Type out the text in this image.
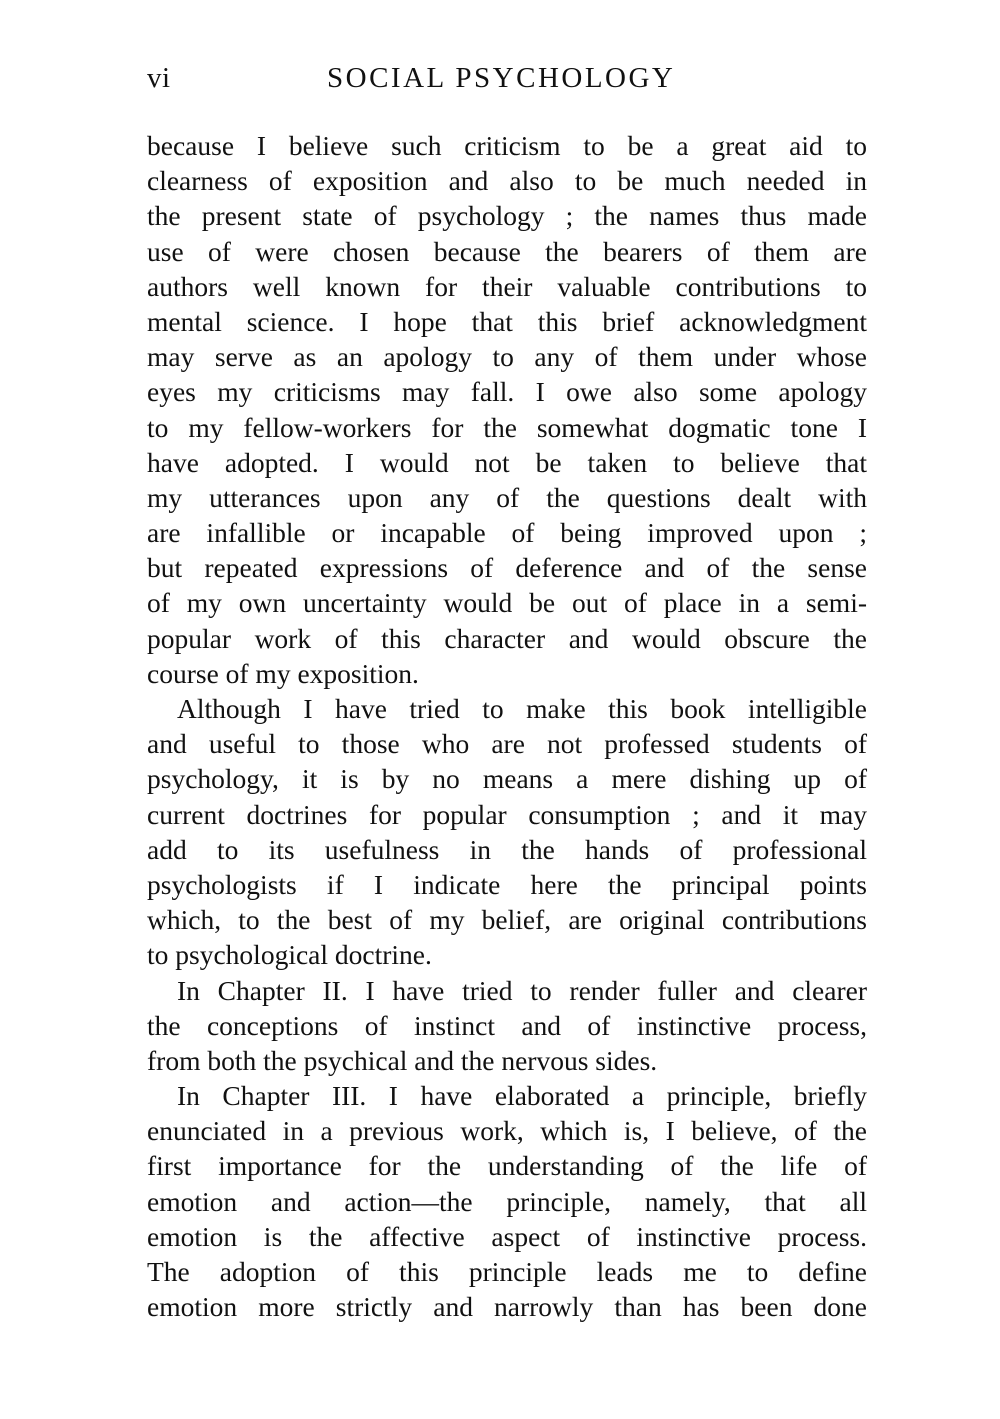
vi	SOCIAL PSYCHOLOGY
because I believe such criticism to be a great aid to
clearness of exposition and also to be much needed in
the present state of psychology ; the names thus made
use of were chosen because the bearers of them are
authors well known for their valuable contributions to
mental science. I hope that this brief acknowledgment
may serve as an apology to any of them under whose
eyes my criticisms may fall. I owe also some apology
to my fellow-workers for the somewhat dogmatic tone I
have adopted. I would not be taken to believe that
my utterances upon any of the questions dealt with
are infallible or incapable of being improved upon ;
but repeated expressions of deference and of the sense
of my own uncertainty would be out of place in a semi-
popular work of this character and would obscure the
course of my exposition.
Although I have tried to make this book intelligible
and useful to those who are not professed students of
psychology, it is by no means a mere dishing up of
current doctrines for popular consumption ; and it may
add to its usefulness in the hands of professional
psychologists if I indicate here the principal points
which, to the best of my belief, are original contributions
to psychological doctrine.
In Chapter II. I have tried to render fuller and clearer
the conceptions of instinct and of instinctive process,
from both the psychical and the nervous sides.
In Chapter III. I have elaborated a principle, briefly
enunciated in a previous work, which is, I believe, of the
first importance for the understanding of the life of
emotion and action—the principle, namely, that all
emotion is the affective aspect of instinctive process.
The adoption of this principle leads me to define
emotion more strictly and narrowly than has been done
